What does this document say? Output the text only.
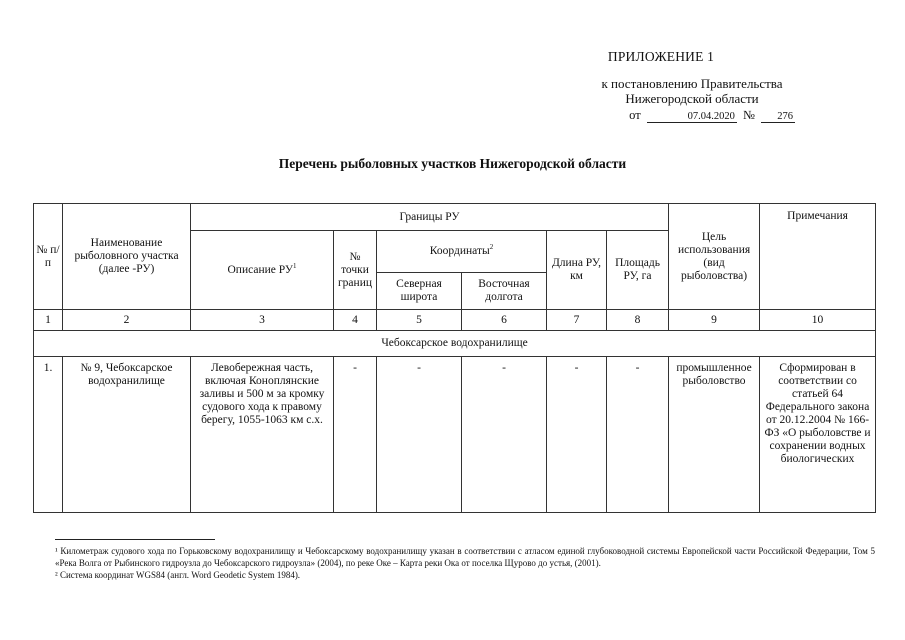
ПРИЛОЖЕНИЕ 1
к постановлению Правительства
Нижегородской области
от	07.04.2020 № 276
Перечень рыболовных участков Нижегородской области
№ п/п	Наименование рыболовного участка (далее -РУ)	Границы РУ						Цель использования (вид рыболовства)	Примечания
		Описание $РУ^1$	№ точки границ	Координаты$^2$		Длина РУ, км	Площадь РУ, га		
				Северная широта	Восточная долгота				
1	2	3	4	5	6	7	8	9	10
Чебоксарское водохранилище									
1.	№ 9, Чебоксарское водохранилище	Левобережная часть, включая Коноплянские заливы и 500 м за кромку судового хода к правому берегу, 1055-1063 км с.х.	-	-	-	-	-	промышленное рыболовство	Сформирован в соответствии со статьей 64 Федерального закона от 20.12.2004 № 166-ФЗ «О рыболовстве и сохранении водных биологических

¹ Километраж судового хода по Горьковскому водохранилищу и Чебоксарскому водохранилищу указан в соответствии с атласом единой глубоководной системы Европейской части Российской Федерации, Том 5 «Река Волга от Рыбинского гидроузла до Чебоксарского гидроузла» (2004), по реке Оке – Карта реки Ока от поселка Щурово до устья, (2001).

² Система координат WGS84 (англ. Word Geodetic System 1984).
